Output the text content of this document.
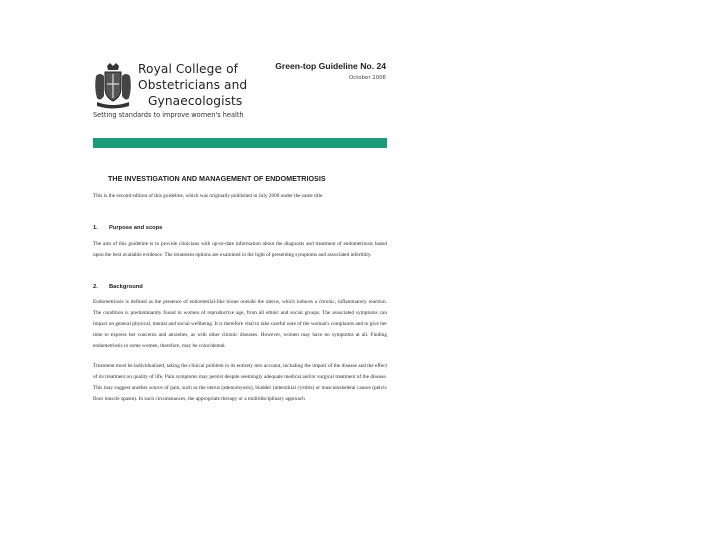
Royal College of
Obstetricians and
Gynaecologists
Setting standards to improve women's health
Green-top Guideline No. 24
October 2006
THE INVESTIGATION AND MANAGEMENT OF ENDOMETRIOSIS
This is the second edition of this guideline, which was originally published in July 2000 under the same title.
1. Purpose and scope
The aim of this guideline is to provide clinicians with up-to-date information about the diagnosis and treatment of endometriosis based upon the best available evidence. The treatment options are examined in the light of presenting symptoms and associated infertility.
2. Background
Endometriosis is defined as the presence of endometrial-like tissue outside the uterus, which induces a chronic, inflammatory reaction. The condition is predominantly found in women of reproductive age, from all ethnic and social groups. The associated symptoms can impact on general physical, mental and social wellbeing. It is therefore vital to take careful note of the woman's complaints and to give her time to express her concerns and anxieties, as with other chronic diseases. However, women may have no symptoms at all. Finding endometriosis in some women, therefore, may be coincidental.
Treatment must be individualised, taking the clinical problem in its entirety into account, including the impact of the disease and the effect of its treatment on quality of life. Pain symptoms may persist despite seemingly adequate medical and/or surgical treatment of the disease. This may suggest another source of pain, such as the uterus (adenomyosis), bladder (interstitial cystitis) or musculoskeletal causes (pelvic floor muscle spasm). In such circumstances, the appropriate therapy or a multidisciplinary approach
